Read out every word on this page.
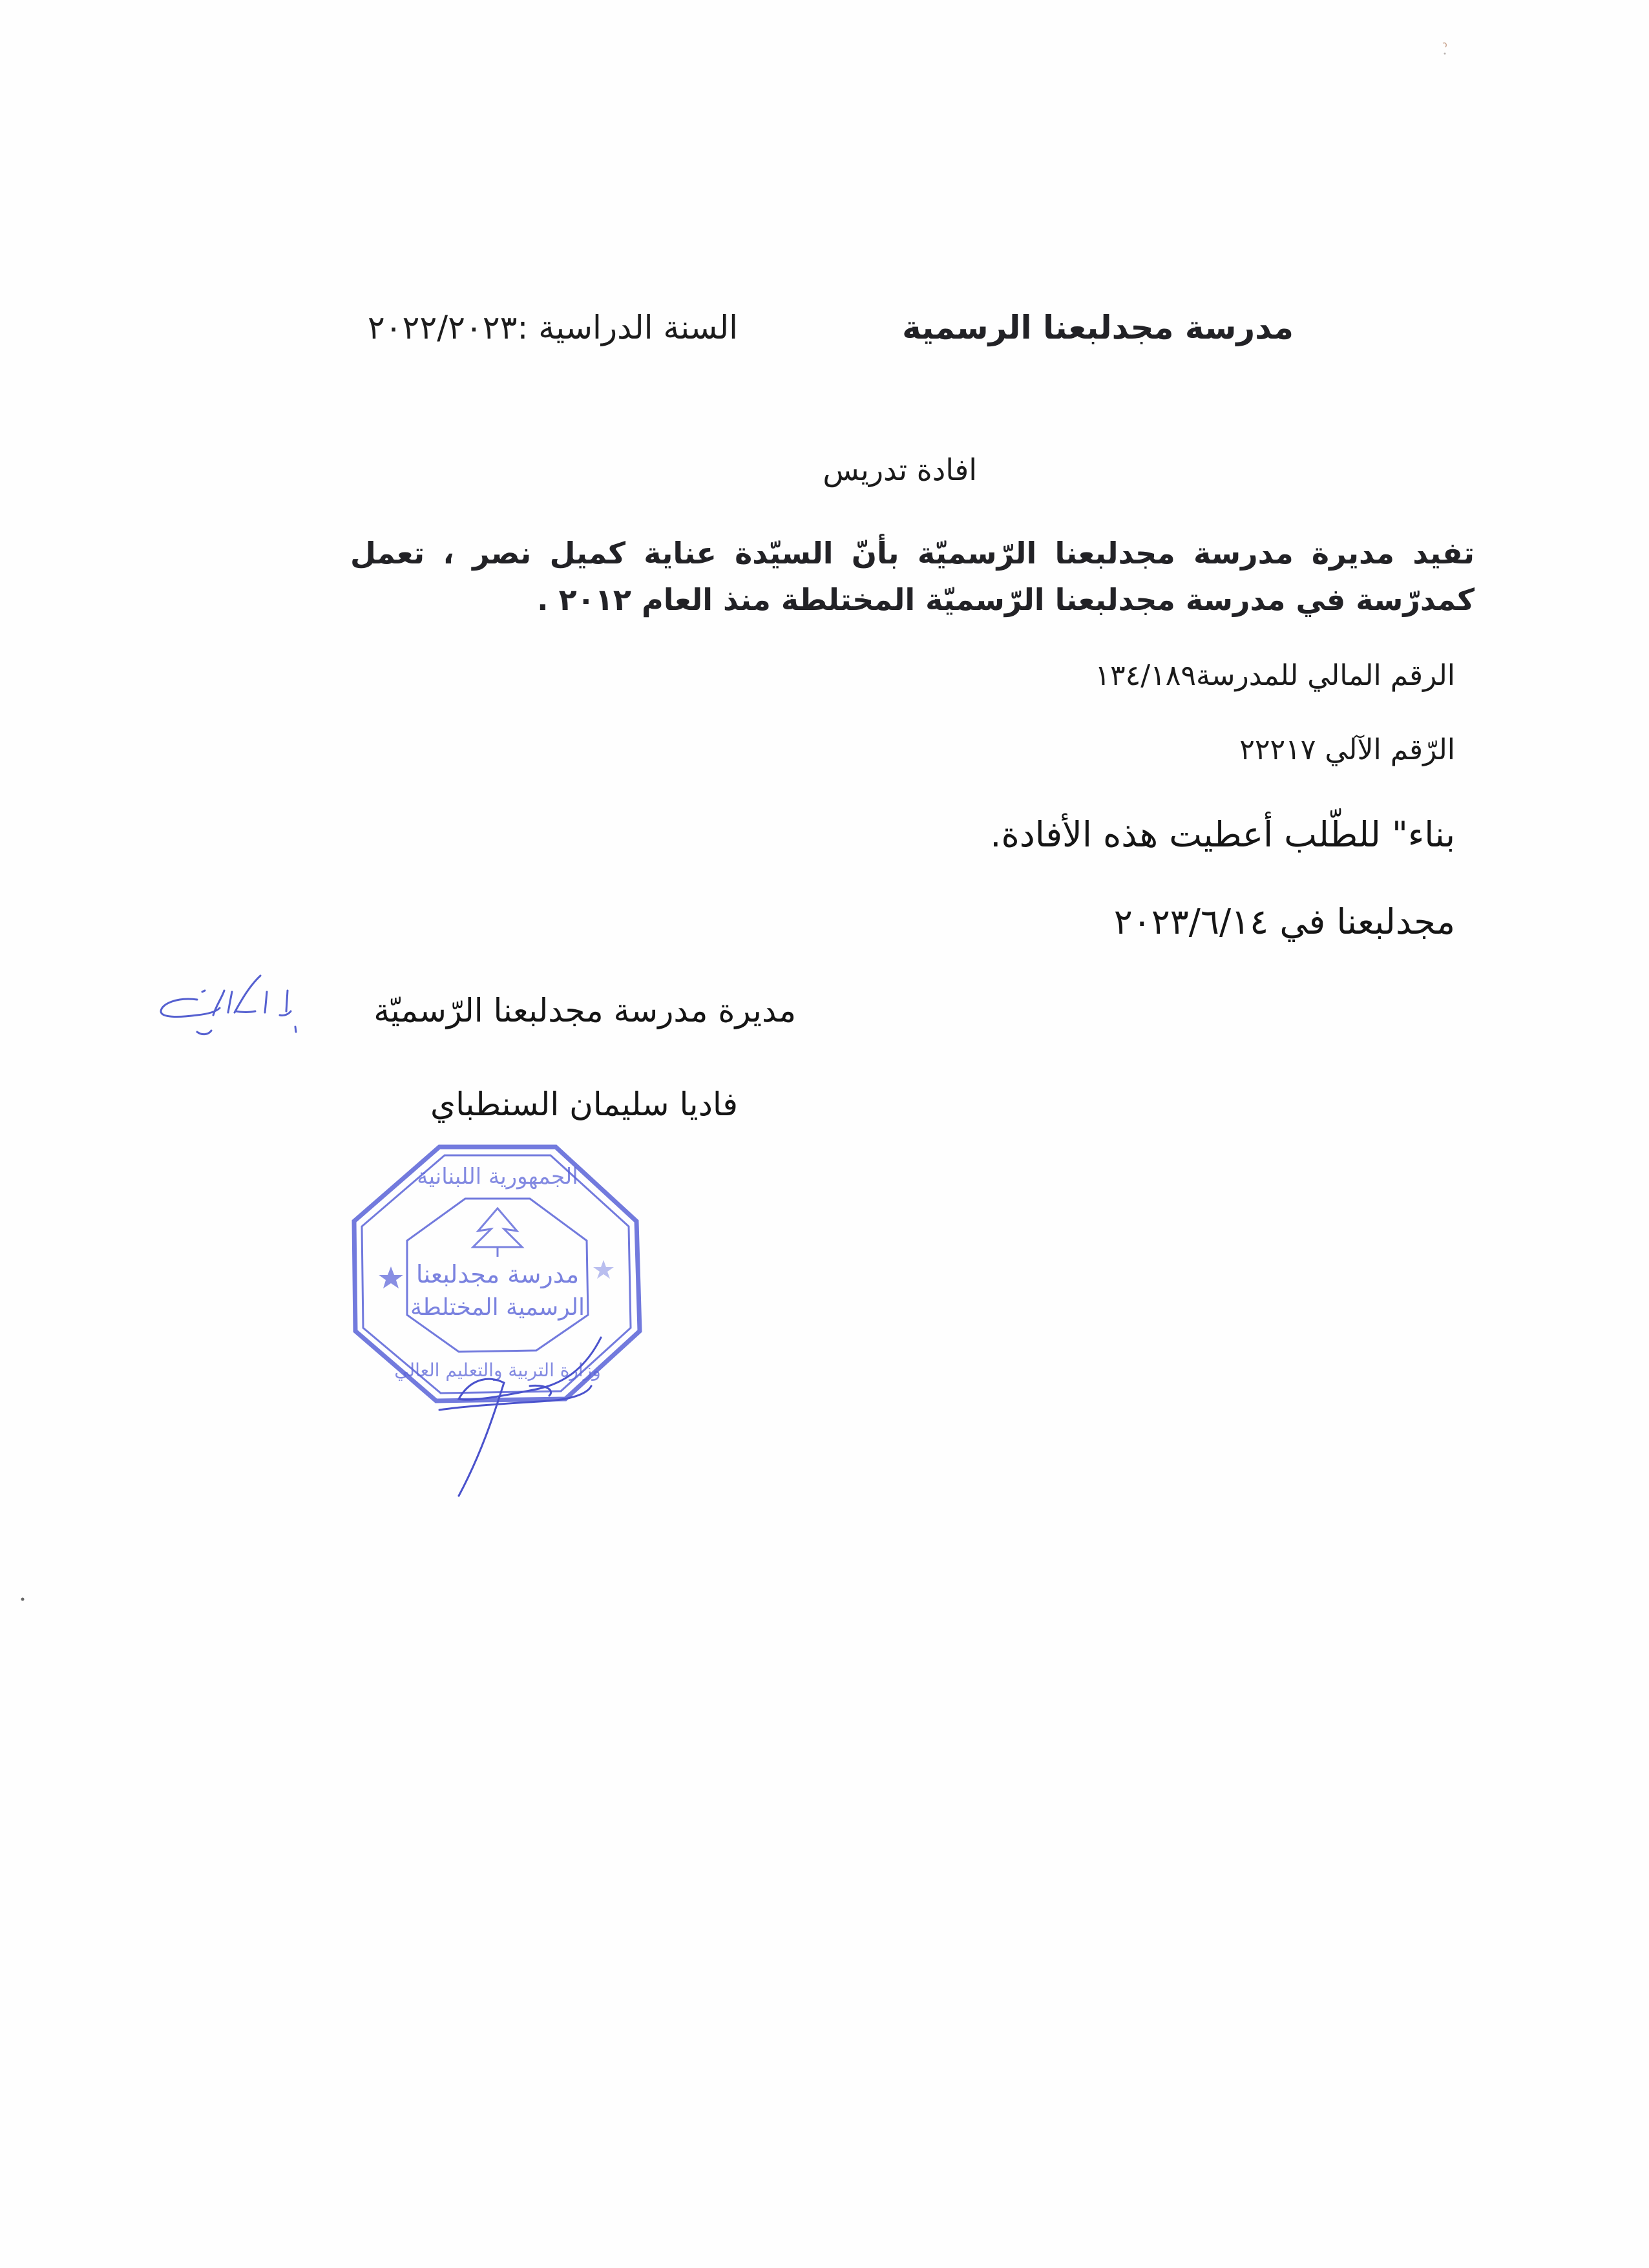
مدرسة مجدلبعنا الرسمية
السنة الدراسية :٢٠٢٢/٢٠٢٣
افادة تدريس
تفيد مديرة مدرسة مجدلبعنا الرّسميّة بأنّ السيّدة عناية كميل نصر ، تعمل كمدرّسة في مدرسة مجدلبعنا الرّسميّة المختلطة منذ العام ٢٠١٢ .
الرقم المالي للمدرسة١٣٤/١٨٩
الرّقم الآلي ٢٢٢١٧
بناء" للطّلب أعطيت هذه الأفادة.
مجدلبعنا في ٢٠٢٣/٦/١٤
مديرة مدرسة مجدلبعنا الرّسميّة
فاديا سليمان السنطباي
مدرسة مجدلبعنا
الرسمية المختلطة
الجمهورية اللبنانية
وزارة التربية والتعليم العالي
